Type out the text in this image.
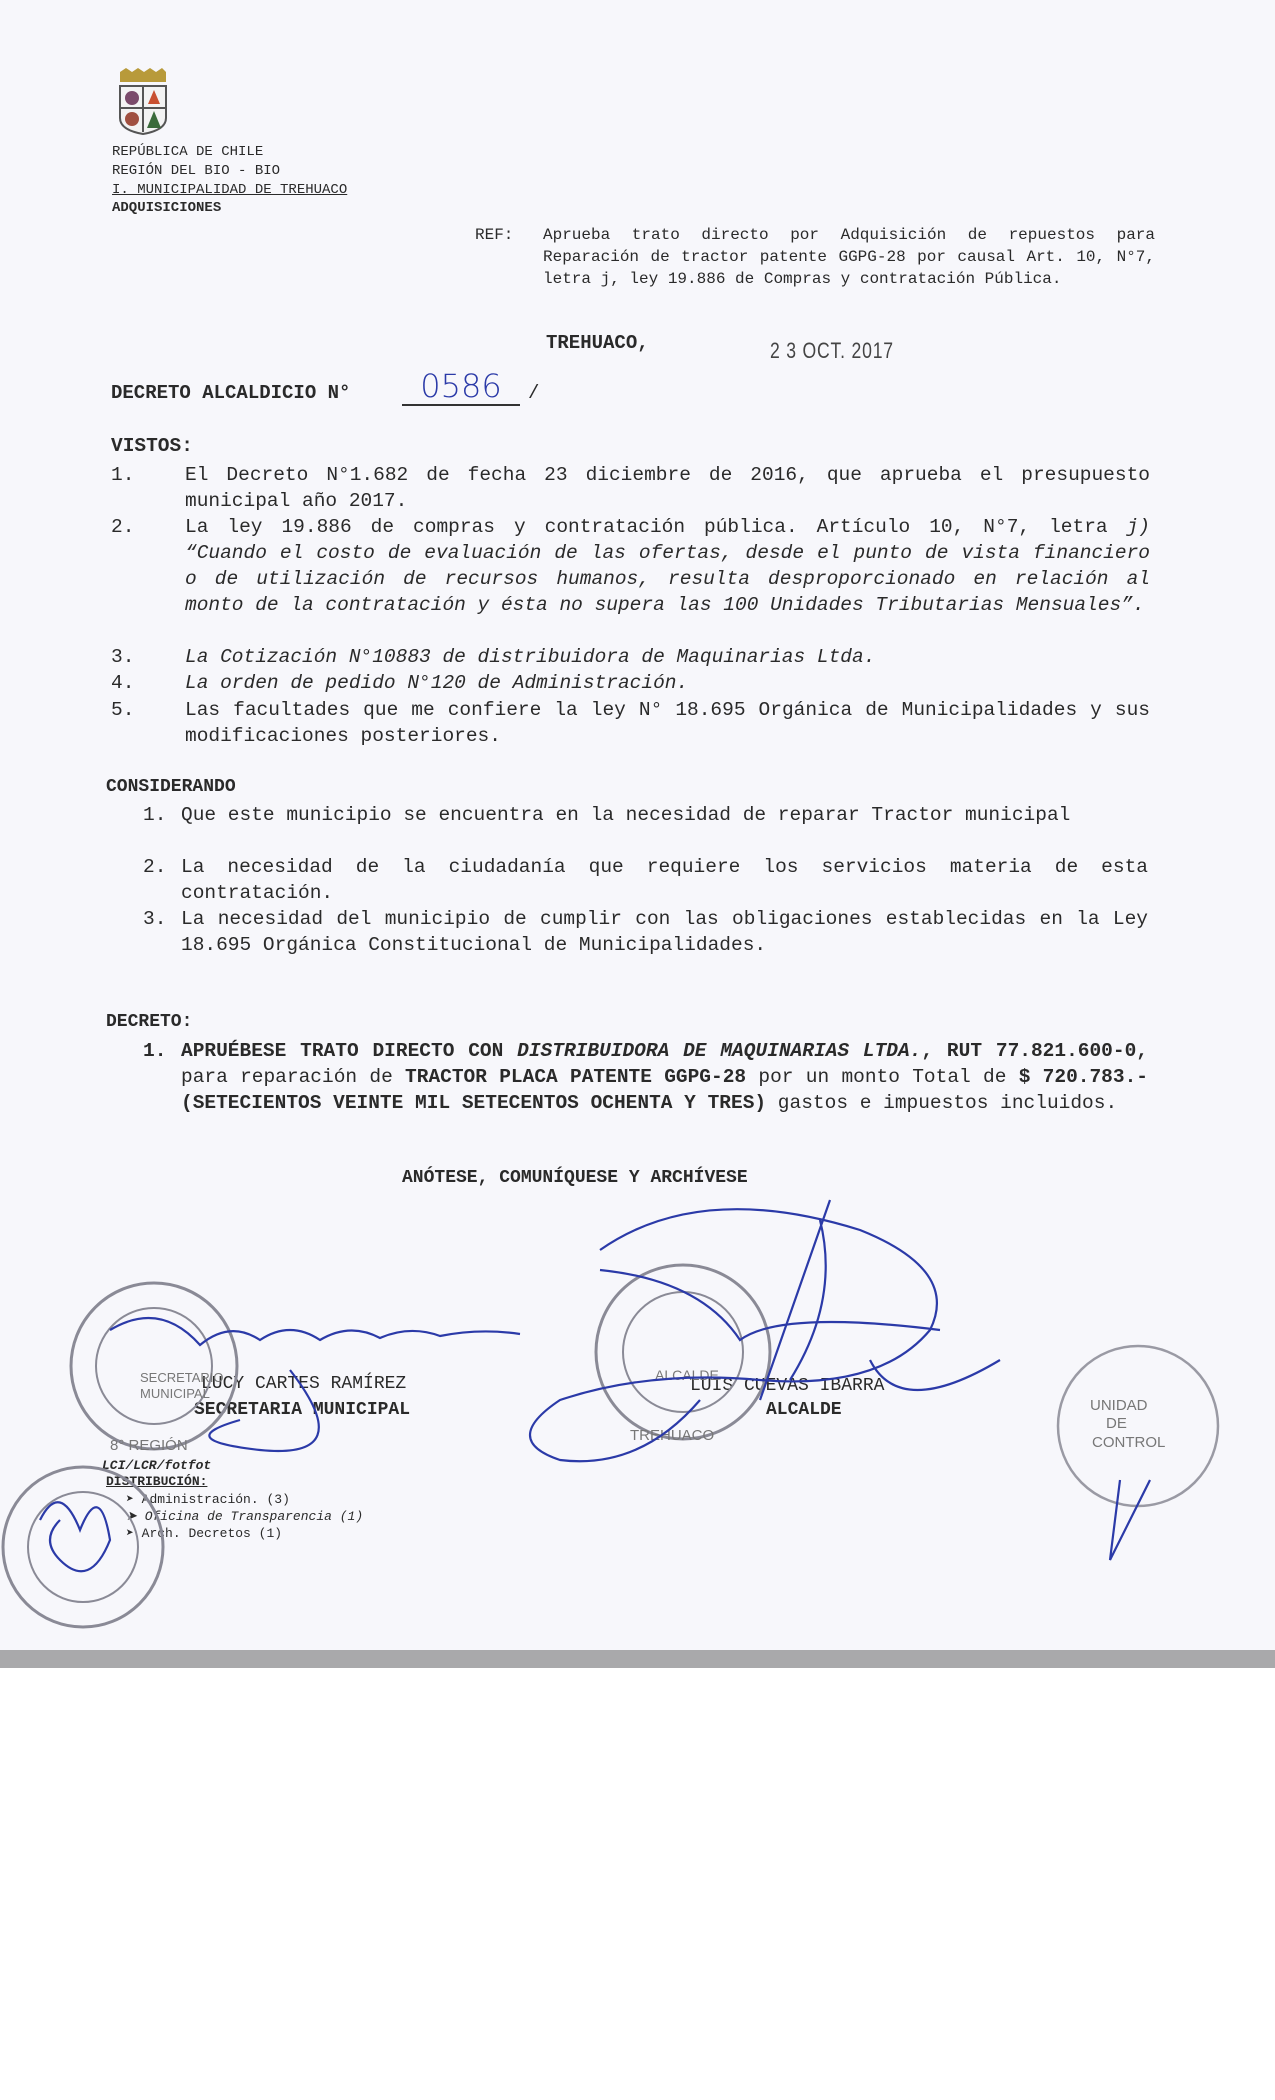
REPÚBLICA DE CHILE
REGIÓN DEL BIO - BIO
I. MUNICIPALIDAD DE TREHUACO
ADQUISICIONES
REF: Aprueba trato directo por Adquisición de repuestos para Reparación de tractor patente GGPG-28 por causal Art. 10, N°7, letra j, ley 19.886 de Compras y contratación Pública.
TREHUACO,	2 3 OCT. 2017
DECRETO ALCALDICIO N°	0586	/
VISTOS:
1.	El Decreto N°1.682 de fecha 23 diciembre de 2016, que aprueba el presupuesto municipal año 2017.
2.	La ley 19.886 de compras y contratación pública. Artículo 10, N°7, letra j) “Cuando el costo de evaluación de las ofertas, desde el punto de vista financiero o de utilización de recursos humanos, resulta desproporcionado en relación al monto de la contratación y ésta no supera las 100 Unidades Tributarias Mensuales”.
3.	La Cotización N°10883 de distribuidora de Maquinarias Ltda.
4.	La orden de pedido N°120 de Administración.
5.	Las facultades que me confiere la ley N° 18.695 Orgánica de Municipalidades y sus modificaciones posteriores.
CONSIDERANDO
1. Que este municipio se encuentra en la necesidad de reparar Tractor municipal
2. La necesidad de la ciudadanía que requiere los servicios materia de esta contratación.
3. La necesidad del municipio de cumplir con las obligaciones establecidas en la Ley 18.695 Orgánica Constitucional de Municipalidades.
DECRETO:
1. APRUÉBESE TRATO DIRECTO CON DISTRIBUIDORA DE MAQUINARIAS LTDA., RUT 77.821.600-0, para reparación de TRACTOR PLACA PATENTE GGPG-28 por un monto Total de $ 720.783.- (SETECIENTOS VEINTE MIL SETECENTOS OCHENTA Y TRES) gastos e impuestos incluidos.
ANÓTESE, COMUNÍQUESE Y ARCHÍVESE
LUCY CARTES RAMÍREZ
SECRETARIA MUNICIPAL
LUIS CUEVAS IBARRA
ALCALDE
LCI/LCR/fotfot
DISTRIBUCIÓN:
➤ Administración. (3)
➤ Oficina de Transparencia (1)
➤ Arch. Decretos (1)
UNIDAD
DE
CONTROL
SECRETARIO
MUNICIPAL
ALCALDE
TREHUACO
8° REGIÓN
